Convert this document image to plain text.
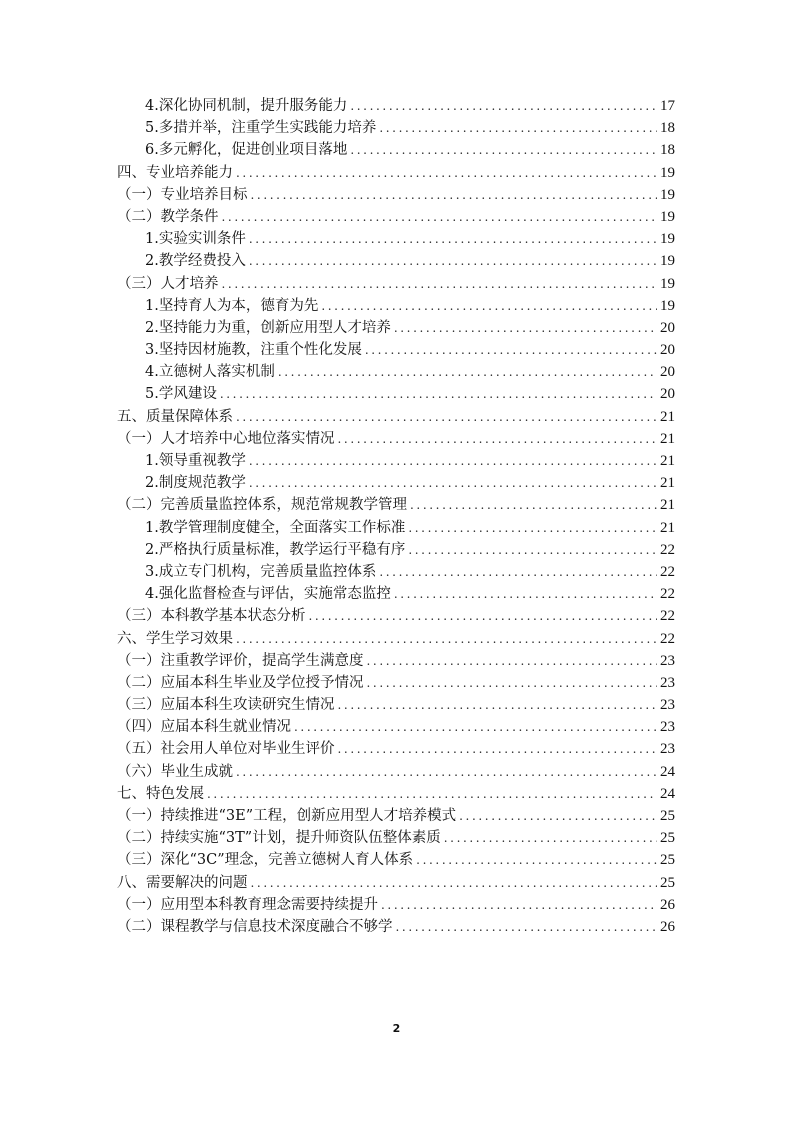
4.深化协同机制，提升服务能力 .....	17
5.多措并举，注重学生实践能力培养 .....	18
6.多元孵化，促进创业项目落地 .....	18
四、专业培养能力 .....	19
（一）专业培养目标 .....	19
（二）教学条件 .....	19
1.实验实训条件 .....	19
2.教学经费投入 .....	19
（三）人才培养 .....	19
1.坚持育人为本，德育为先 .....	19
2.坚持能力为重，创新应用型人才培养 .....	20
3.坚持因材施教，注重个性化发展 .....	20
4.立德树人落实机制 .....	20
5.学风建设 .....	20
五、质量保障体系 .....	21
（一）人才培养中心地位落实情况 .....	21
1.领导重视教学 .....	21
2.制度规范教学 .....	21
（二）完善质量监控体系，规范常规教学管理 .....	21
1.教学管理制度健全，全面落实工作标准 .....	21
2.严格执行质量标准，教学运行平稳有序 .....	22
3.成立专门机构，完善质量监控体系 .....	22
4.强化监督检查与评估，实施常态监控 .....	22
（三）本科教学基本状态分析 .....	22
六、学生学习效果 .....	22
（一）注重教学评价，提高学生满意度 .....	23
（二）应届本科生毕业及学位授予情况 .....	23
（三）应届本科生攻读研究生情况 .....	23
（四）应届本科生就业情况 .....	23
（五）社会用人单位对毕业生评价 .....	23
（六）毕业生成就 .....	24
七、特色发展 .....	24
（一）持续推进“3E”工程，创新应用型人才培养模式 .....	25
（二）持续实施“3T”计划，提升师资队伍整体素质 .....	25
（三）深化“3C”理念，完善立德树人育人体系 .....	25
八、需要解决的问题 .....	25
（一）应用型本科教育理念需要持续提升 .....	26
（二）课程教学与信息技术深度融合不够学 .....	26
2
